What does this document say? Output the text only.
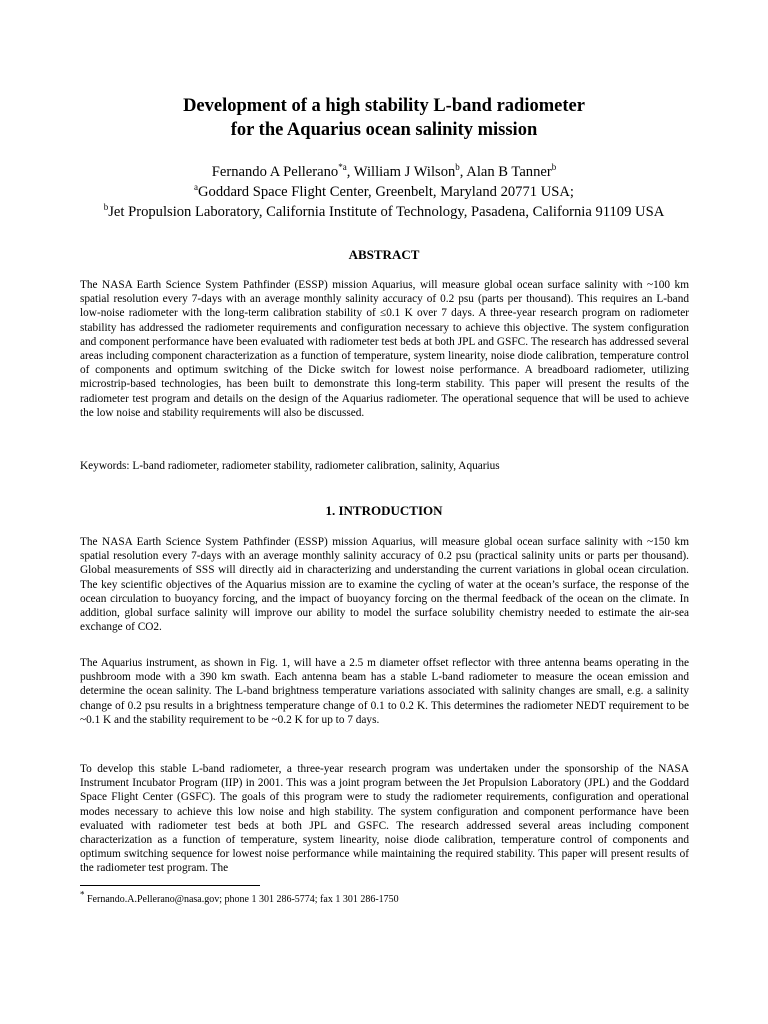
Development of a high stability L-band radiometer
for the Aquarius ocean salinity mission
Fernando A Pellerano$^{*a}$, William J Wilson$^b$, Alan B Tanner$^b$
$^a$Goddard Space Flight Center, Greenbelt, Maryland 20771 USA;
$^b$Jet Propulsion Laboratory, California Institute of Technology, Pasadena, California 91109 USA
ABSTRACT
The NASA Earth Science System Pathfinder (ESSP) mission Aquarius, will measure global ocean surface salinity with ~100 km spatial resolution every 7-days with an average monthly salinity accuracy of 0.2 psu (parts per thousand). This requires an L-band low-noise radiometer with the long-term calibration stability of ≤0.1 K over 7 days. A three-year research program on radiometer stability has addressed the radiometer requirements and configuration necessary to achieve this objective. The system configuration and component performance have been evaluated with radiometer test beds at both JPL and GSFC. The research has addressed several areas including component characterization as a function of temperature, system linearity, noise diode calibration, temperature control of components and optimum switching of the Dicke switch for lowest noise performance. A breadboard radiometer, utilizing microstrip-based technologies, has been built to demonstrate this long-term stability. This paper will present the results of the radiometer test program and details on the design of the Aquarius radiometer. The operational sequence that will be used to achieve the low noise and stability requirements will also be discussed.
Keywords: L-band radiometer, radiometer stability, radiometer calibration, salinity, Aquarius
1. INTRODUCTION
The NASA Earth Science System Pathfinder (ESSP) mission Aquarius, will measure global ocean surface salinity with ~150 km spatial resolution every 7-days with an average monthly salinity accuracy of 0.2 psu (practical salinity units or parts per thousand). Global measurements of SSS will directly aid in characterizing and understanding the current variations in global ocean circulation. The key scientific objectives of the Aquarius mission are to examine the cycling of water at the ocean’s surface, the response of the ocean circulation to buoyancy forcing, and the impact of buoyancy forcing on the thermal feedback of the ocean on the climate. In addition, global surface salinity will improve our ability to model the surface solubility chemistry needed to estimate the air-sea exchange of CO2.
The Aquarius instrument, as shown in Fig. 1, will have a 2.5 m diameter offset reflector with three antenna beams operating in the pushbroom mode with a 390 km swath. Each antenna beam has a stable L-band radiometer to measure the ocean emission and determine the ocean salinity. The L-band brightness temperature variations associated with salinity changes are small, e.g. a salinity change of 0.2 psu results in a brightness temperature change of 0.1 to 0.2 K. This determines the radiometer NEDT requirement to be ~0.1 K and the stability requirement to be ~0.2 K for up to 7 days.
To develop this stable L-band radiometer, a three-year research program was undertaken under the sponsorship of the NASA Instrument Incubator Program (IIP) in 2001. This was a joint program between the Jet Propulsion Laboratory (JPL) and the Goddard Space Flight Center (GSFC). The goals of this program were to study the radiometer requirements, configuration and operational modes necessary to achieve this low noise and high stability. The system configuration and component performance have been evaluated with radiometer test beds at both JPL and GSFC. The research addressed several areas including component characterization as a function of temperature, system linearity, noise diode calibration, temperature control of components and optimum switching sequence for lowest noise performance while maintaining the required stability. This paper will present results of the radiometer test program. The
* Fernando.A.Pellerano@nasa.gov; phone 1 301 286-5774; fax 1 301 286-1750
